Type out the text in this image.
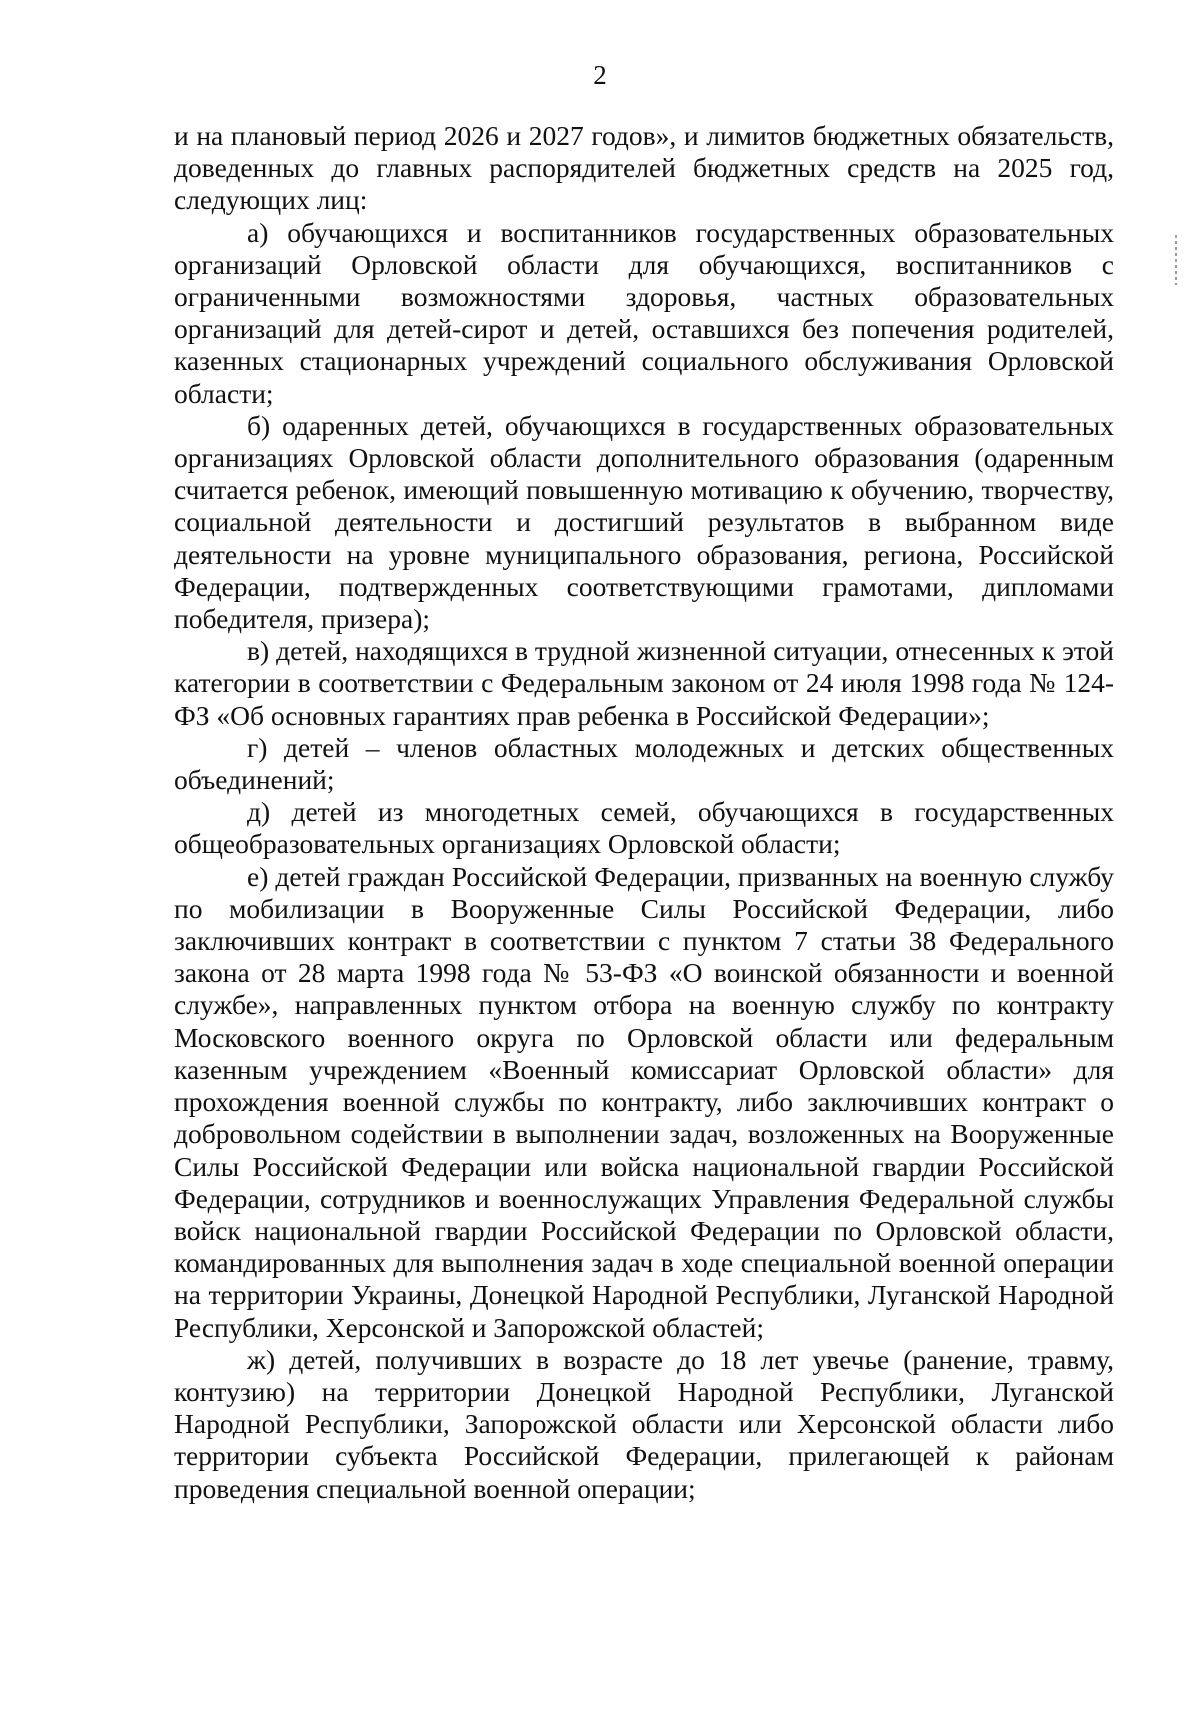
2

и на плановый период 2026 и 2027 годов», и лимитов бюджетных обязательств, доведенных до главных распорядителей бюджетных средств на 2025 год, следующих лиц:

а) обучающихся и воспитанников государственных образовательных организаций Орловской области для обучающихся, воспитанников с ограниченными возможностями здоровья, частных образовательных организаций для детей-сирот и детей, оставшихся без попечения родителей, казенных стационарных учреждений социального обслуживания Орловской области;

б) одаренных детей, обучающихся в государственных образовательных организациях Орловской области дополнительного образования (одаренным считается ребенок, имеющий повышенную мотивацию к обучению, творчеству, социальной деятельности и достигший результатов в выбранном виде деятельности на уровне муниципального образования, региона, Российской Федерации, подтвержденных соответствующими грамотами, дипломами победителя, призера);

в) детей, находящихся в трудной жизненной ситуации, отнесенных к этой категории в соответствии с Федеральным законом от 24 июля 1998 года № 124-ФЗ «Об основных гарантиях прав ребенка в Российской Федерации»;

г) детей – членов областных молодежных и детских общественных объединений;

д) детей из многодетных семей, обучающихся в государственных общеобразовательных организациях Орловской области;

е) детей граждан Российской Федерации, призванных на военную службу по мобилизации в Вооруженные Силы Российской Федерации, либо заключивших контракт в соответствии с пунктом 7 статьи 38 Федерального закона от 28 марта 1998 года № 53-ФЗ «О воинской обязанности и военной службе», направленных пунктом отбора на военную службу по контракту Московского военного округа по Орловской области или федеральным казенным учреждением «Военный комиссариат Орловской области» для прохождения военной службы по контракту, либо заключивших контракт о добровольном содействии в выполнении задач, возложенных на Вооруженные Силы Российской Федерации или войска национальной гвардии Российской Федерации, сотрудников и военнослужащих Управления Федеральной службы войск национальной гвардии Российской Федерации по Орловской области, командированных для выполнения задач в ходе специальной военной операции на территории Украины, Донецкой Народной Республики, Луганской Народной Республики, Херсонской и Запорожской областей;

ж) детей, получивших в возрасте до 18 лет увечье (ранение, травму, контузию) на территории Донецкой Народной Республики, Луганской Народной Республики, Запорожской области или Херсонской области либо территории субъекта Российской Федерации, прилегающей к районам проведения специальной военной операции;
